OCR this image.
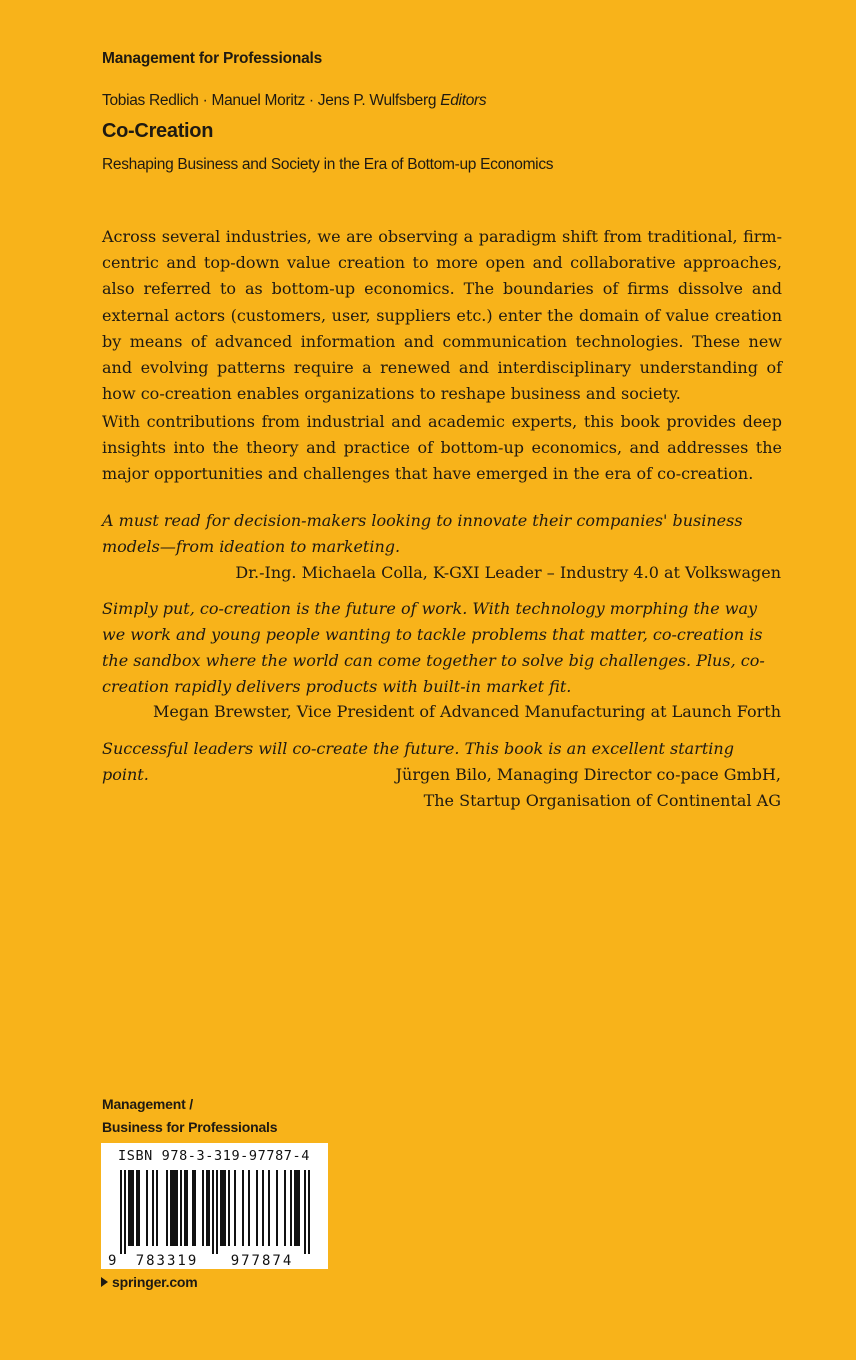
Management for Professionals
Tobias Redlich · Manuel Moritz · Jens P. Wulfsberg Editors
Co-Creation
Reshaping Business and Society in the Era of Bottom-up Economics
Across several industries, we are observing a paradigm shift from traditional, firm-centric and top-down value creation to more open and collaborative approaches, also referred to as bottom-up economics. The boundaries of firms dissolve and external actors (customers, user, suppliers etc.) enter the domain of value creation by means of advanced information and communication technologies. These new and evolving patterns require a renewed and interdisciplinary understanding of how co-creation enables organizations to reshape business and society.
With contributions from industrial and academic experts, this book provides deep insights into the theory and practice of bottom-up economics, and addresses the major opportunities and challenges that have emerged in the era of co-creation.
A must read for decision-makers looking to innovate their companies' business models—from ideation to marketing.
Dr.-Ing. Michaela Colla, K-GXI Leader – Industry 4.0 at Volkswagen
Simply put, co-creation is the future of work. With technology morphing the way we work and young people wanting to tackle problems that matter, co-creation is the sandbox where the world can come together to solve big challenges. Plus, co-creation rapidly delivers products with built-in market fit.
Megan Brewster, Vice President of Advanced Manufacturing at Launch Forth
Successful leaders will co-create the future. This book is an excellent starting point.	Jürgen Bilo, Managing Director co-pace GmbH,
The Startup Organisation of Continental AG
Management /
Business for Professionals
ISBN 978-3-319-97787-4
9 783319 977874
springer.com
